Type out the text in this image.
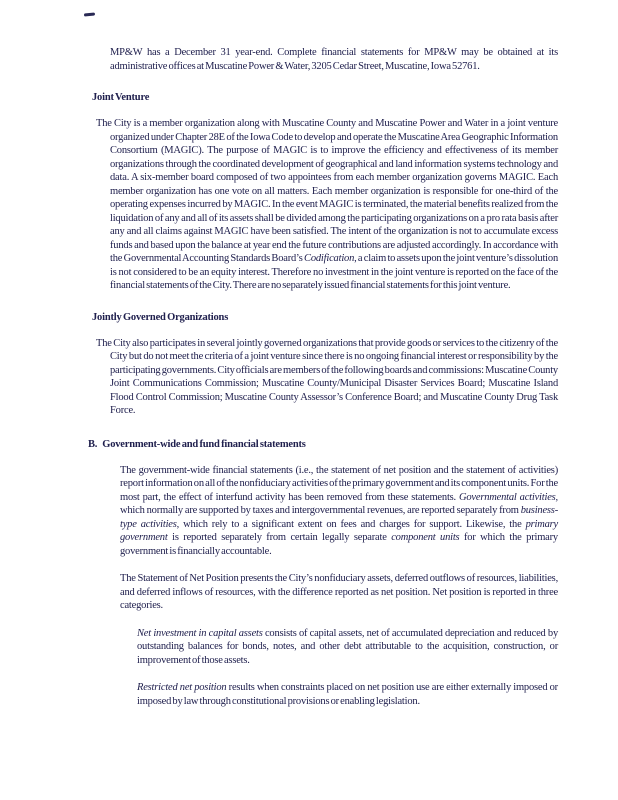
MP&W has a December 31 year-end. Complete financial statements for MP&W may be obtained at its administrative offices at Muscatine Power & Water, 3205 Cedar Street, Muscatine, Iowa 52761.

Joint Venture

The City is a member organization along with Muscatine County and Muscatine Power and Water in a joint venture organized under Chapter 28E of the Iowa Code to develop and operate the Muscatine Area Geographic Information Consortium (MAGIC). The purpose of MAGIC is to improve the efficiency and effectiveness of its member organizations through the coordinated development of geographical and land information systems technology and data. A six-member board composed of two appointees from each member organization governs MAGIC. Each member organization has one vote on all matters. Each member organization is responsible for one-third of the operating expenses incurred by MAGIC. In the event MAGIC is terminated, the material benefits realized from the liquidation of any and all of its assets shall be divided among the participating organizations on a pro rata basis after any and all claims against MAGIC have been satisfied. The intent of the organization is not to accumulate excess funds and based upon the balance at year end the future contributions are adjusted accordingly. In accordance with the Governmental Accounting Standards Board’s Codification, a claim to assets upon the joint venture’s dissolution is not considered to be an equity interest. Therefore no investment in the joint venture is reported on the face of the financial statements of the City. There are no separately issued financial statements for this joint venture.

Jointly Governed Organizations

The City also participates in several jointly governed organizations that provide goods or services to the citizenry of the City but do not meet the criteria of a joint venture since there is no ongoing financial interest or responsibility by the participating governments. City officials are members of the following boards and commissions: Muscatine County Joint Communications Commission; Muscatine County/Municipal Disaster Services Board; Muscatine Island Flood Control Commission; Muscatine County Assessor’s Conference Board; and Muscatine County Drug Task Force.

B. Government-wide and fund financial statements

The government-wide financial statements (i.e., the statement of net position and the statement of activities) report information on all of the nonfiduciary activities of the primary government and its component units. For the most part, the effect of interfund activity has been removed from these statements. Governmental activities, which normally are supported by taxes and intergovernmental revenues, are reported separately from business-type activities, which rely to a significant extent on fees and charges for support. Likewise, the primary government is reported separately from certain legally separate component units for which the primary government is financially accountable.

The Statement of Net Position presents the City’s nonfiduciary assets, deferred outflows of resources, liabilities, and deferred inflows of resources, with the difference reported as net position. Net position is reported in three categories.

Net investment in capital assets consists of capital assets, net of accumulated depreciation and reduced by outstanding balances for bonds, notes, and other debt attributable to the acquisition, construction, or improvement of those assets.

Restricted net position results when constraints placed on net position use are either externally imposed or imposed by law through constitutional provisions or enabling legislation.
